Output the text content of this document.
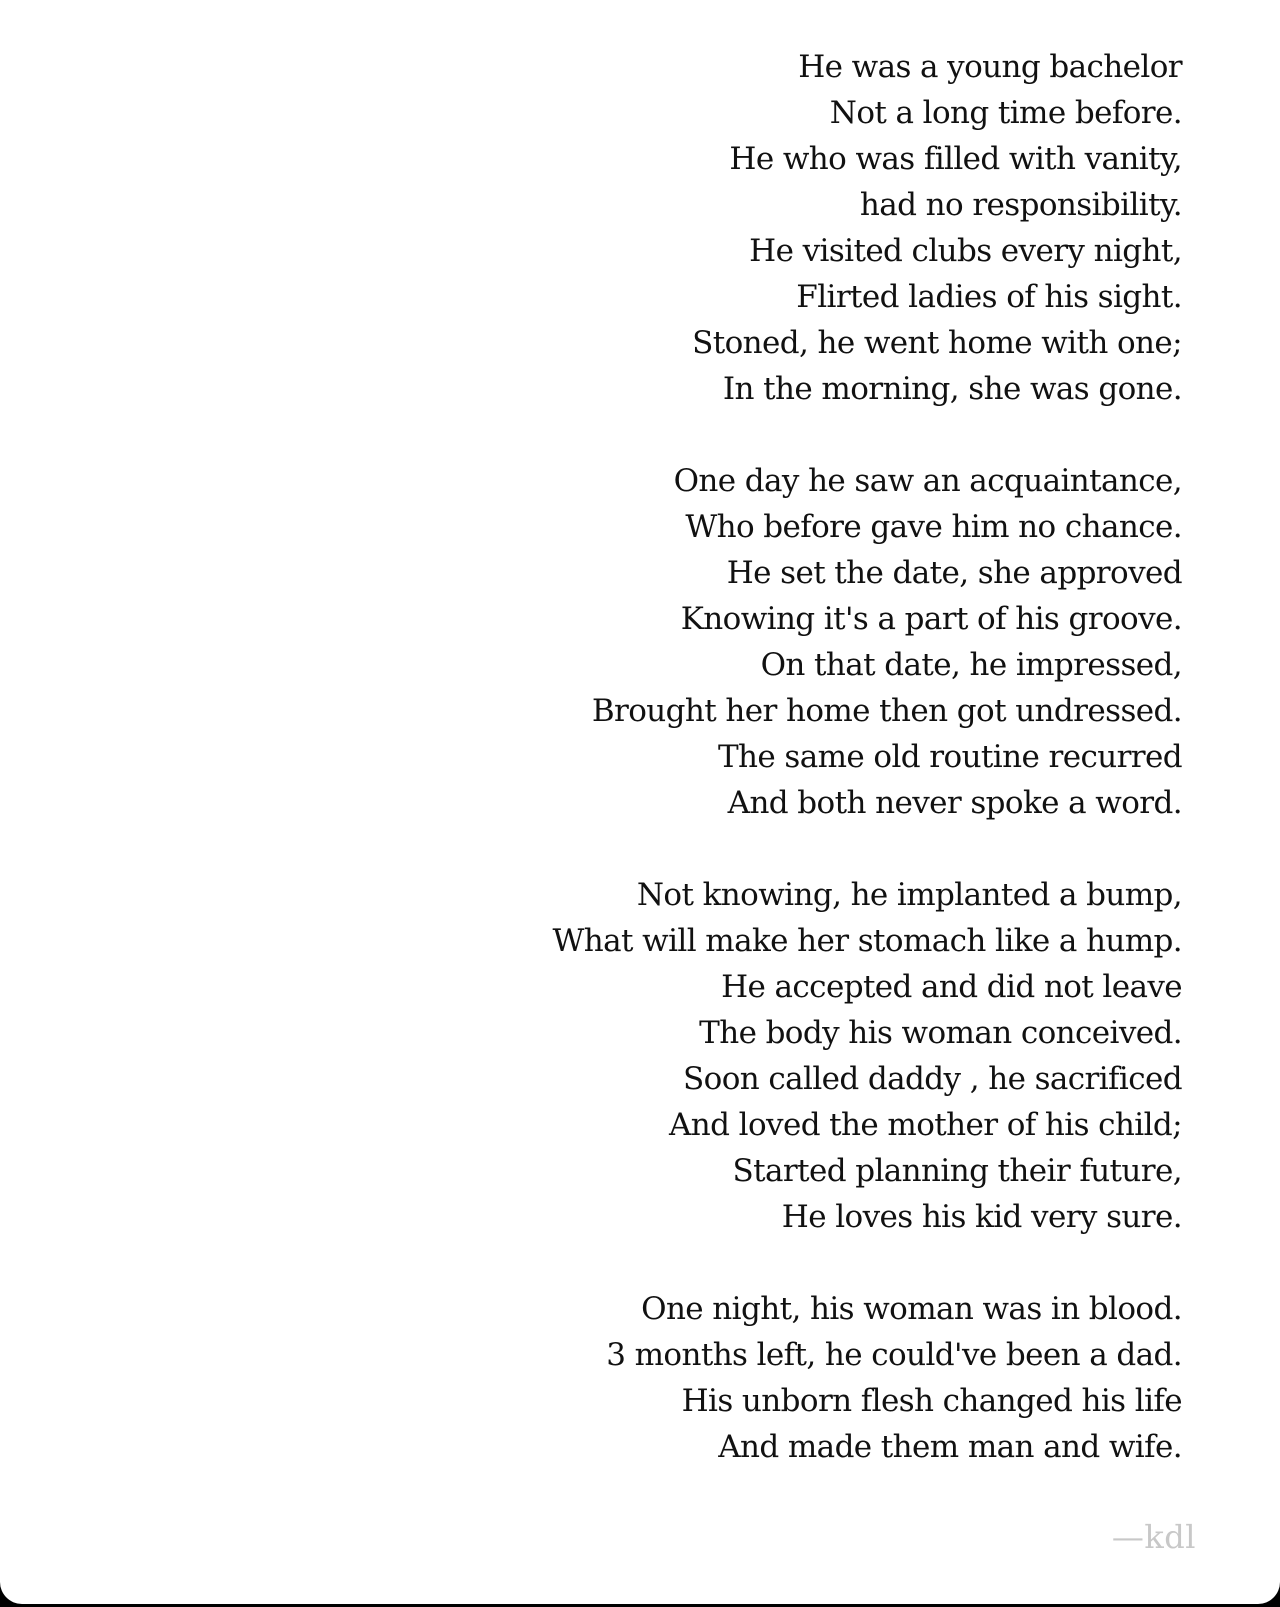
He was a young bachelor
Not a long time before.
He who was filled with vanity,
had no responsibility.
He visited clubs every night,
Flirted ladies of his sight.
Stoned, he went home with one;
In the morning, she was gone.
One day he saw an acquaintance,
Who before gave him no chance.
He set the date, she approved
Knowing it's a part of his groove.
On that date, he impressed,
Brought her home then got undressed.
The same old routine recurred
And both never spoke a word.
Not knowing, he implanted a bump,
What will make her stomach like a hump.
He accepted and did not leave
The body his woman conceived.
Soon called daddy , he sacrificed
And loved the mother of his child;
Started planning their future,
He loves his kid very sure.
One night, his woman was in blood.
3 months left, he could've been a dad.
His unborn flesh changed his life
And made them man and wife.
—kdl
